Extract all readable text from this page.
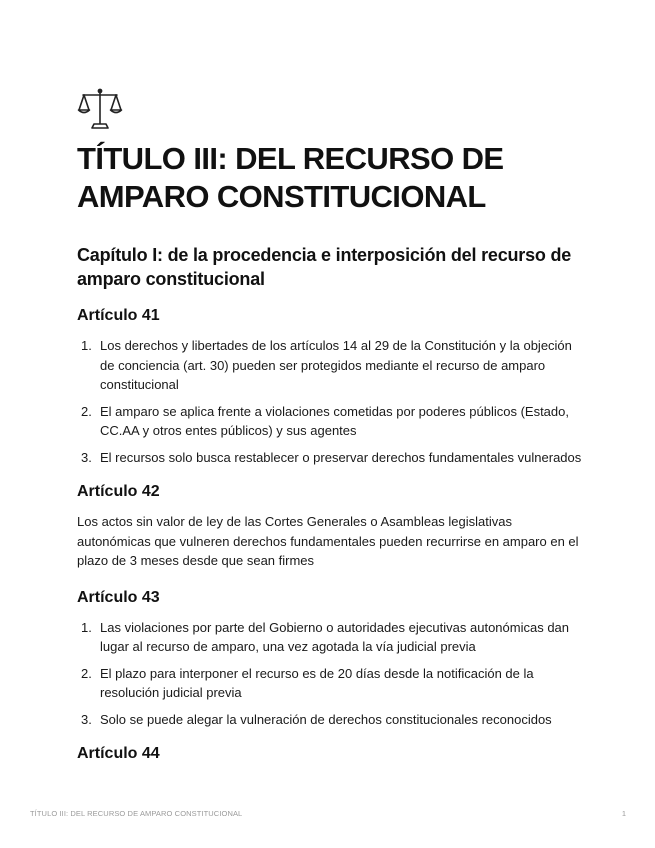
TÍTULO III: DEL RECURSO DE AMPARO CONSTITUCIONAL
Capítulo I: de la procedencia e interposición del recurso de amparo constitucional
Artículo 41
1. Los derechos y libertades de los artículos 14 al 29 de la Constitución y la objeción de conciencia (art. 30) pueden ser protegidos mediante el recurso de amparo constitucional
2. El amparo se aplica frente a violaciones cometidas por poderes públicos (Estado, CC.AA y otros entes públicos) y sus agentes
3. El recursos solo busca restablecer o preservar derechos fundamentales vulnerados
Artículo 42

Los actos sin valor de ley de las Cortes Generales o Asambleas legislativas autonómicas que vulneren derechos fundamentales pueden recurrirse en amparo en el plazo de 3 meses desde que sean firmes

Artículo 43
1. Las violaciones por parte del Gobierno o autoridades ejecutivas autonómicas dan lugar al recurso de amparo, una vez agotada la vía judicial previa
2. El plazo para interponer el recurso es de 20 días desde la notificación de la resolución judicial previa
3. Solo se puede alegar la vulneración de derechos constitucionales reconocidos
Artículo 44
TÍTULO III: DEL RECURSO DE AMPARO CONSTITUCIONAL	1
